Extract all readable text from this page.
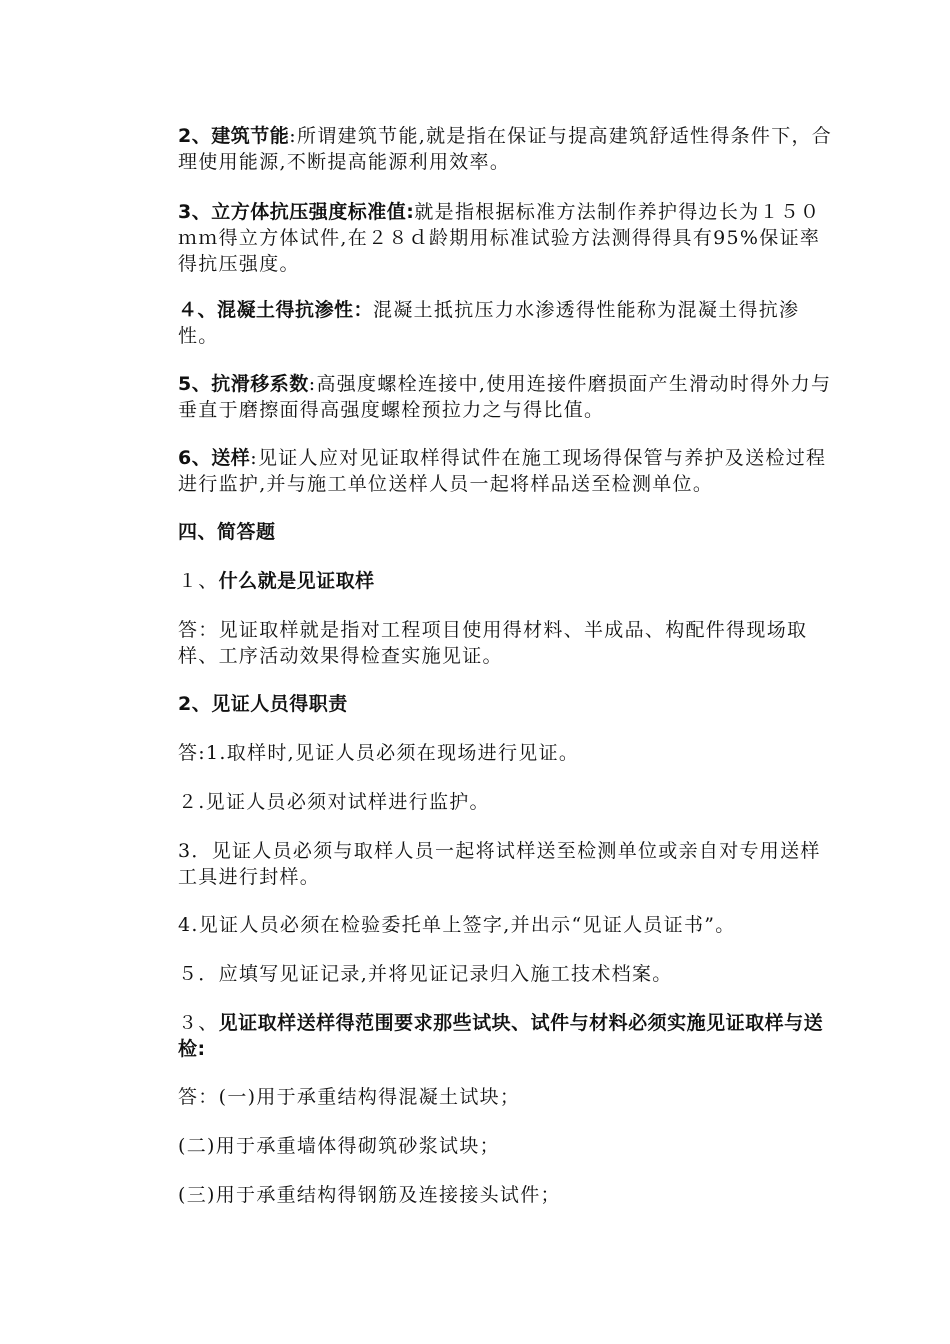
2、建筑节能:所谓建筑节能,就是指在保证与提高建筑舒适性得条件下，合理使用能源,不断提高能源利用效率。

3、立方体抗压强度标准值:就是指根据标准方法制作养护得边长为１５０ｍｍ得立方体试件,在２８ｄ龄期用标准试验方法测得得具有95%保证率得抗压强度。

４、混凝土得抗渗性：混凝土抵抗压力水渗透得性能称为混凝土得抗渗性。

5、抗滑移系数:高强度螺栓连接中,使用连接件磨损面产生滑动时得外力与垂直于磨擦面得高强度螺栓预拉力之与得比值。

6、送样:见证人应对见证取样得试件在施工现场得保管与养护及送检过程进行监护,并与施工单位送样人员一起将样品送至检测单位。

四、简答题

１、什么就是见证取样

答：见证取样就是指对工程项目使用得材料、半成品、构配件得现场取样、工序活动效果得检查实施见证。

2、见证人员得职责

答:1.取样时,见证人员必须在现场进行见证。

２.见证人员必须对试样进行监护。

3．见证人员必须与取样人员一起将试样送至检测单位或亲自对专用送样工具进行封样。

4.见证人员必须在检验委托单上签字,并出示“见证人员证书”。

５．应填写见证记录,并将见证记录归入施工技术档案。

３、见证取样送样得范围要求那些试块、试件与材料必须实施见证取样与送检:

答：(一)用于承重结构得混凝土试块；

(二)用于承重墙体得砌筑砂浆试块；

(三)用于承重结构得钢筋及连接接头试件；
